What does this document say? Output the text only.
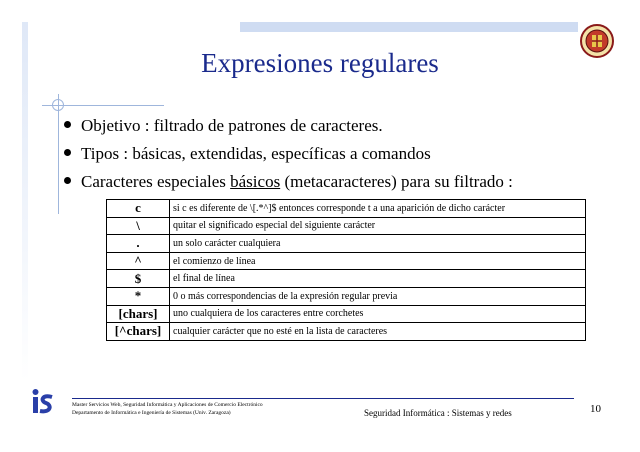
Expresiones regulares
Objetivo : filtrado de patrones de caracteres.
Tipos : básicas, extendidas, específicas a comandos
Caracteres especiales básicos (metacaracteres) para su filtrado :
c	si c es diferente de \[.*^]$ entonces corresponde t a una aparición de dicho carácter
\	quitar el significado especial del siguiente carácter
.	un solo carácter cualquiera
^	el comienzo de línea
$	el final de línea
*	0 o más correspondencias de la expresión regular previa
[chars]	uno cualquiera de los caracteres entre corchetes
[^chars]	cualquier carácter que no esté en la lista de caracteres
Master Servicios Web, Seguridad Informática y Aplicaciones de Comercio Electrónico
Departamento de Informática e Ingeniería de Sistemas (Univ. Zaragoza)	Seguridad Informática : Sistemas y redes	10
